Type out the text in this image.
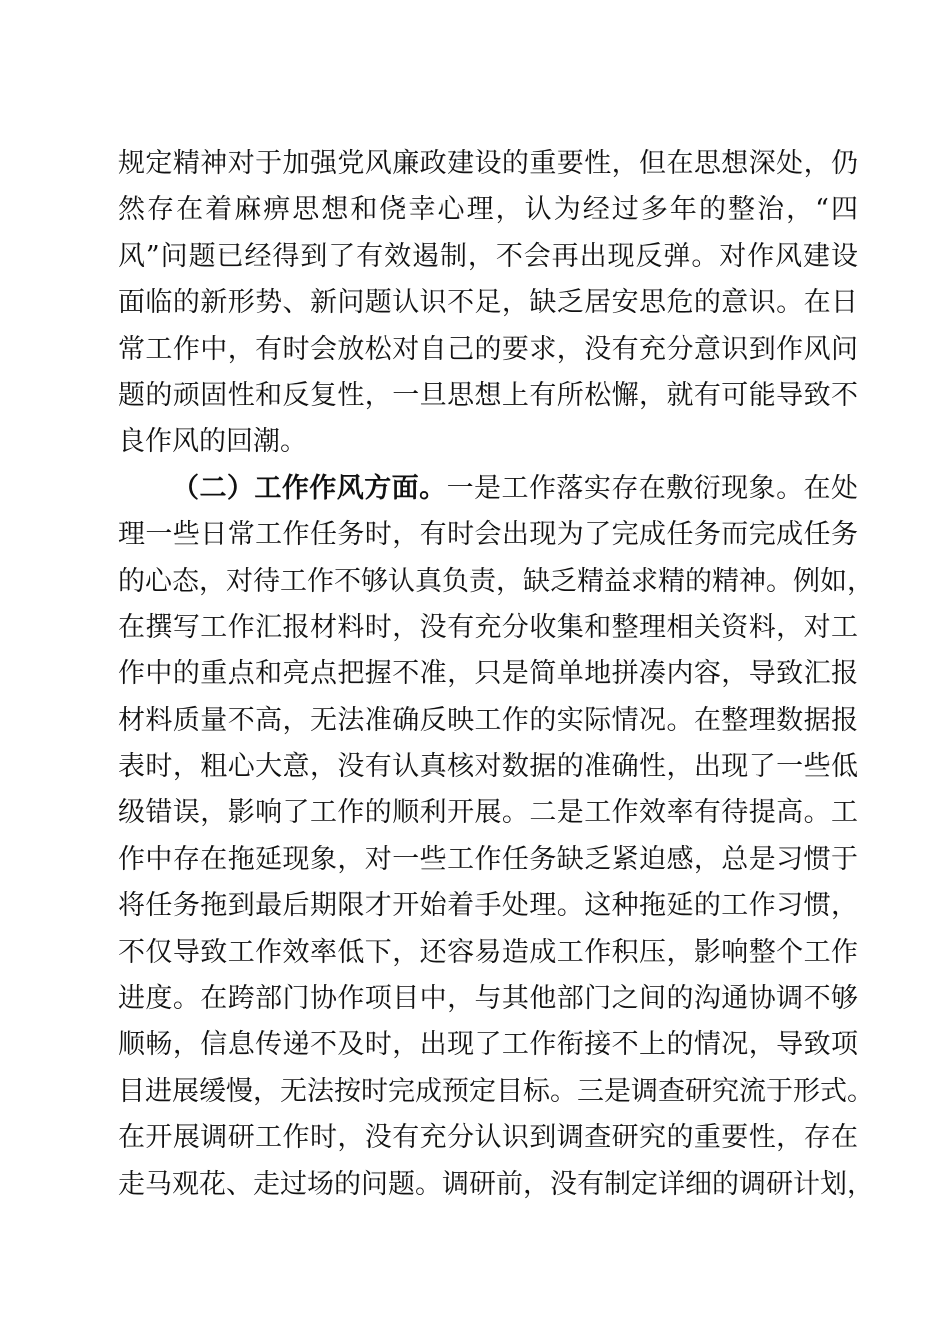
规定精神对于加强党风廉政建设的重要性，但在思想深处，仍
然存在着麻痹思想和侥幸心理，认为经过多年的整治，“四
风”问题已经得到了有效遏制，不会再出现反弹。对作风建设
面临的新形势、新问题认识不足，缺乏居安思危的意识。在日
常工作中，有时会放松对自己的要求，没有充分意识到作风问
题的顽固性和反复性，一旦思想上有所松懈，就有可能导致不
良作风的回潮。
（二）工作作风方面。一是工作落实存在敷衍现象。在处
理一些日常工作任务时，有时会出现为了完成任务而完成任务
的心态，对待工作不够认真负责，缺乏精益求精的精神。例如，
在撰写工作汇报材料时，没有充分收集和整理相关资料，对工
作中的重点和亮点把握不准，只是简单地拼凑内容，导致汇报
材料质量不高，无法准确反映工作的实际情况。在整理数据报
表时，粗心大意，没有认真核对数据的准确性，出现了一些低
级错误，影响了工作的顺利开展。二是工作效率有待提高。工
作中存在拖延现象，对一些工作任务缺乏紧迫感，总是习惯于
将任务拖到最后期限才开始着手处理。这种拖延的工作习惯，
不仅导致工作效率低下，还容易造成工作积压，影响整个工作
进度。在跨部门协作项目中，与其他部门之间的沟通协调不够
顺畅，信息传递不及时，出现了工作衔接不上的情况，导致项
目进展缓慢，无法按时完成预定目标。三是调查研究流于形式。
在开展调研工作时，没有充分认识到调查研究的重要性，存在
走马观花、走过场的问题。调研前，没有制定详细的调研计划，
